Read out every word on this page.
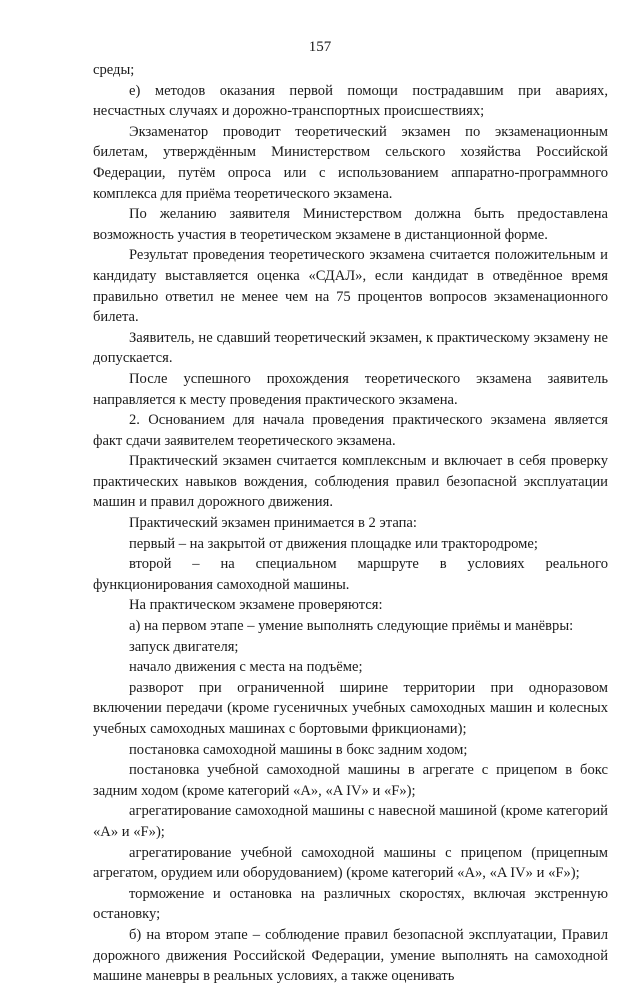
157

среды;

е) методов оказания первой помощи пострадавшим при авариях, несчастных случаях и дорожно-транспортных происшествиях;

Экзаменатор проводит теоретический экзамен по экзаменационным билетам, утверждённым Министерством сельского хозяйства Российской Федерации, путём опроса или с использованием аппаратно-программного комплекса для приёма теоретического экзамена.

По желанию заявителя Министерством должна быть предоставлена возможность участия в теоретическом экзамене в дистанционной форме.

Результат проведения теоретического экзамена считается положительным и кандидату выставляется оценка «СДАЛ», если кандидат в отведённое время правильно ответил не менее чем на 75 процентов вопросов экзаменационного билета.

Заявитель, не сдавший теоретический экзамен, к практическому экзамену не допускается.

После успешного прохождения теоретического экзамена заявитель направляется к месту проведения практического экзамена.

2. Основанием для начала проведения практического экзамена является факт сдачи заявителем теоретического экзамена.

Практический экзамен считается комплексным и включает в себя проверку практических навыков вождения, соблюдения правил безопасной эксплуатации машин и правил дорожного движения.

Практический экзамен принимается в 2 этапа:

первый – на закрытой от движения площадке или трактородроме;

второй – на специальном маршруте в условиях реального функционирования самоходной машины.

На практическом экзамене проверяются:

а) на первом этапе – умение выполнять следующие приёмы и манёвры:

запуск двигателя;

начало движения с места на подъёме;

разворот при ограниченной ширине территории при одноразовом включении передачи (кроме гусеничных учебных самоходных машин и колесных учебных самоходных машинах с бортовыми фрикционами);

постановка самоходной машины в бокс задним ходом;

постановка учебной самоходной машины в агрегате с прицепом в бокс задним ходом (кроме категорий «A», «A IV» и «F»);

агрегатирование самоходной машины с навесной машиной (кроме категорий «A» и «F»);

агрегатирование учебной самоходной машины с прицепом (прицепным агрегатом, орудием или оборудованием) (кроме категорий «A», «A IV» и «F»);

торможение и остановка на различных скоростях, включая экстренную остановку;

б) на втором этапе – соблюдение правил безопасной эксплуатации, Правил дорожного движения Российской Федерации, умение выполнять на самоходной машине маневры в реальных условиях, а также оценивать
